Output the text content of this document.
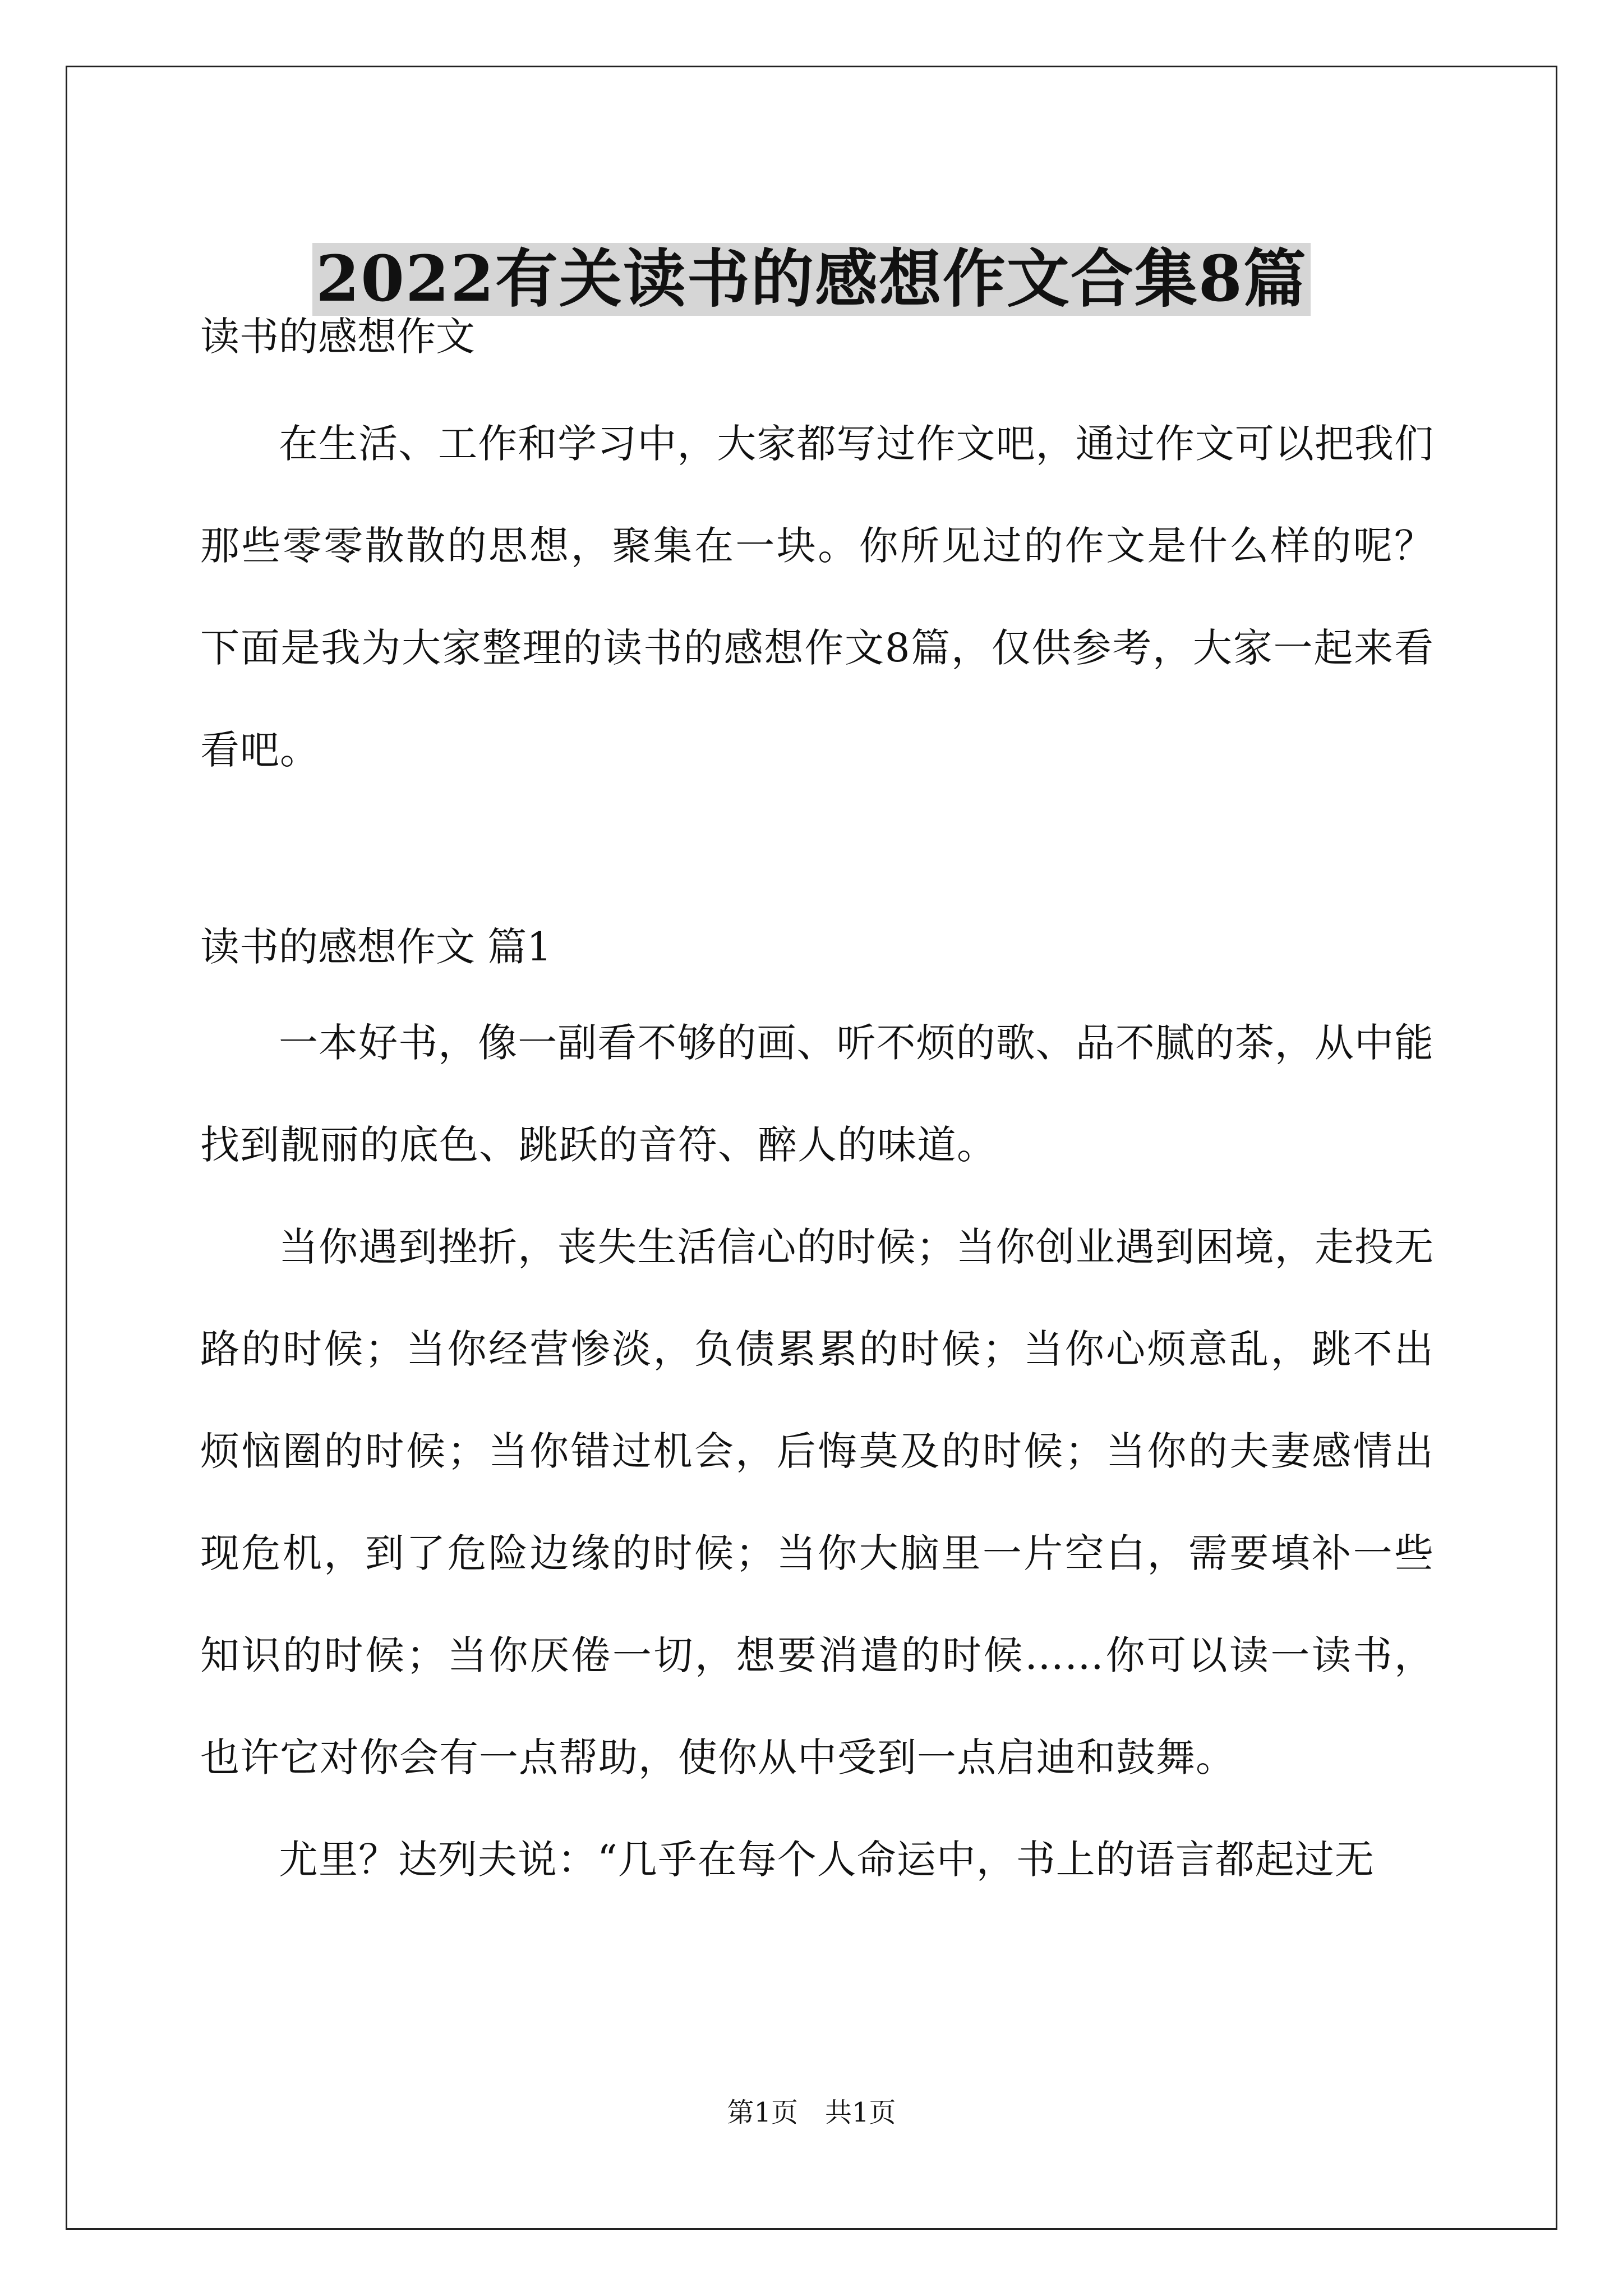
2022有关读书的感想作文合集8篇

读书的感想作文

在生活、工作和学习中，大家都写过作文吧，通过作文可以把我们那些零零散散的思想，聚集在一块。你所见过的作文是什么样的呢？下面是我为大家整理的读书的感想作文8篇，仅供参考，大家一起来看看吧。

读书的感想作文 篇1

一本好书，像一副看不够的画、听不烦的歌、品不腻的茶，从中能找到靓丽的底色、跳跃的音符、醉人的味道。

当你遇到挫折，丧失生活信心的时候；当你创业遇到困境，走投无路的时候；当你经营惨淡，负债累累的时候；当你心烦意乱，跳不出烦恼圈的时候；当你错过机会，后悔莫及的时候；当你的夫妻感情出现危机，到了危险边缘的时候；当你大脑里一片空白，需要填补一些知识的时候；当你厌倦一切，想要消遣的时候……你可以读一读书，也许它对你会有一点帮助，使你从中受到一点启迪和鼓舞。

尤里？达列夫说：“几乎在每个人命运中，书上的语言都起过无

第1页　共1页
